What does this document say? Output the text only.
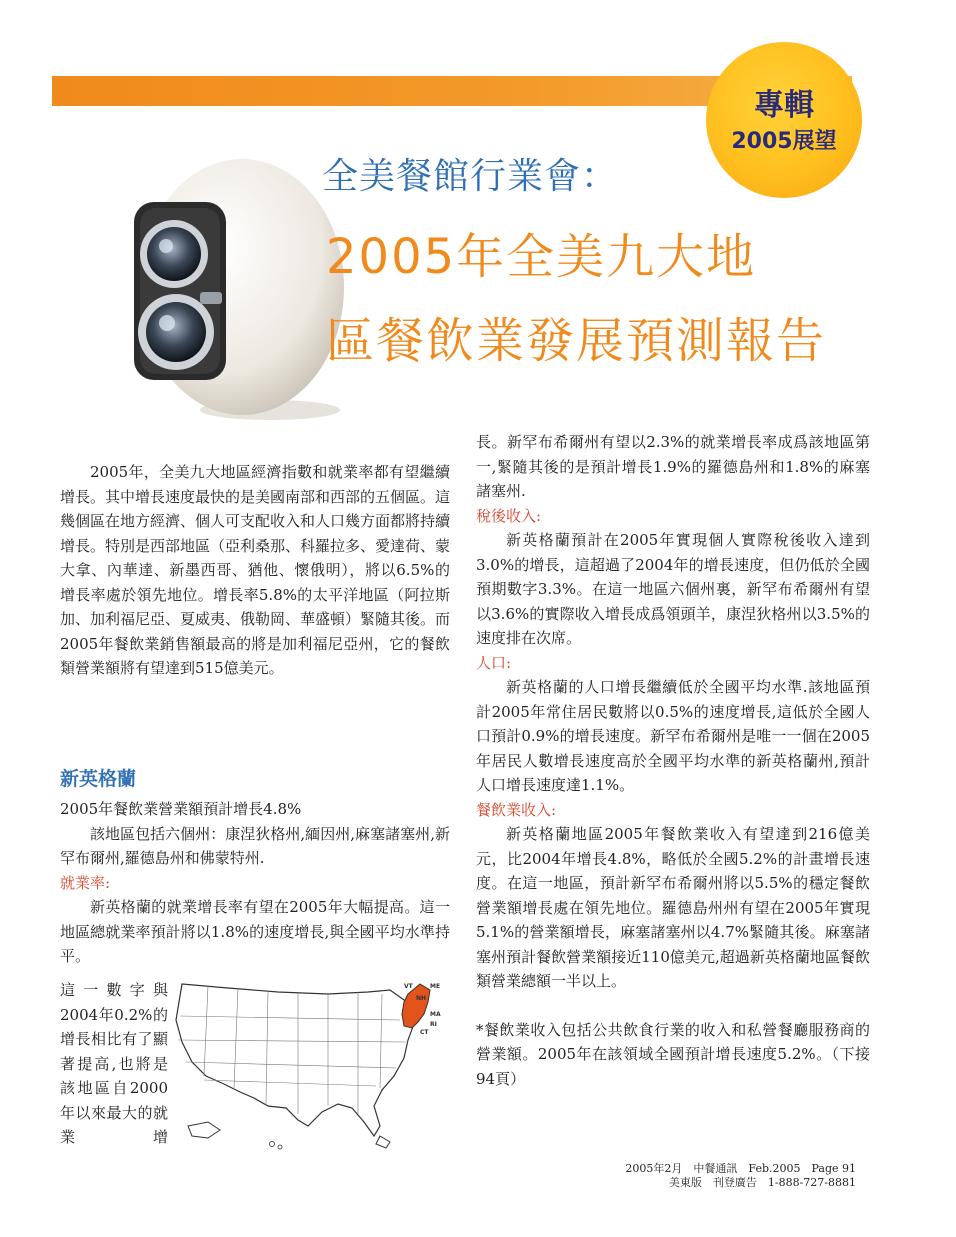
專輯
2005展望
全美餐館行業會：
2005年全美九大地
區餐飲業發展預測報告

2005年，全美九大地區經濟指數和就業率都有望繼續增長。其中增長速度最快的是美國南部和西部的五個區。這幾個區在地方經濟、個人可支配收入和人口幾方面都將持續增長。特別是西部地區（亞利桑那、科羅拉多、愛達荷、蒙大拿、內華達、新墨西哥、猶他、懷俄明），將以6.5%的增長率處於領先地位。增長率5.8%的太平洋地區（阿拉斯加、加利福尼亞、夏威夷、俄勒岡、華盛頓）緊隨其後。而2005年餐飲業銷售額最高的將是加利福尼亞州，它的餐飲類營業額將有望達到515億美元。

新英格蘭

2005年餐飲業營業額預計增長4.8%

該地區包括六個州：康涅狄格州,緬因州,麻塞諸塞州,新罕布爾州,羅德島州和佛蒙特州.

就業率:

新英格蘭的就業增長率有望在2005年大幅提高。這一地區總就業率預計將以1.8%的速度增長,與全國平均水準持平。

這一數字與2004年0.2%的增長相比有了顯著提高,也將是該地區自2000年以來最大的就業增

VT	ME
NH
MA
RI
CT

長。新罕布希爾州有望以2.3%的就業增長率成爲該地區第一,緊隨其後的是預計增長1.9%的羅德島州和1.8%的麻塞諸塞州.

稅後收入:

新英格蘭預計在2005年實現個人實際稅後收入達到3.0%的增長，這超過了2004年的增長速度，但仍低於全國預期數字3.3%。在這一地區六個州裏，新罕布希爾州有望以3.6%的實際收入增長成爲領頭羊，康涅狄格州以3.5%的速度排在次席。

人口:

新英格蘭的人口增長繼續低於全國平均水準.該地區預計2005年常住居民數將以0.5%的速度增長,這低於全國人口預計0.9%的增長速度。新罕布希爾州是唯一一個在2005年居民人數增長速度高於全國平均水準的新英格蘭州,預計人口增長速度達1.1%。

餐飲業收入:

新英格蘭地區2005年餐飲業收入有望達到216億美元，比2004年增長4.8%，略低於全國5.2%的計畫增長速度。在這一地區，預計新罕布希爾州將以5.5%的穩定餐飲營業額增長處在領先地位。羅德島州州有望在2005年實現5.1%的營業額增長，麻塞諸塞州以4.7%緊隨其後。麻塞諸塞州預計餐飲營業額接近110億美元,超過新英格蘭地區餐飲類營業總額一半以上。

*餐飲業收入包括公共飲食行業的收入和私營餐廳服務商的營業額。2005年在該領域全國預計增長速度5.2%。（下接94頁）

2005年2月　中餐通訊　Feb.2005　Page 91
美東版　刊登廣告　1-888-727-8881
